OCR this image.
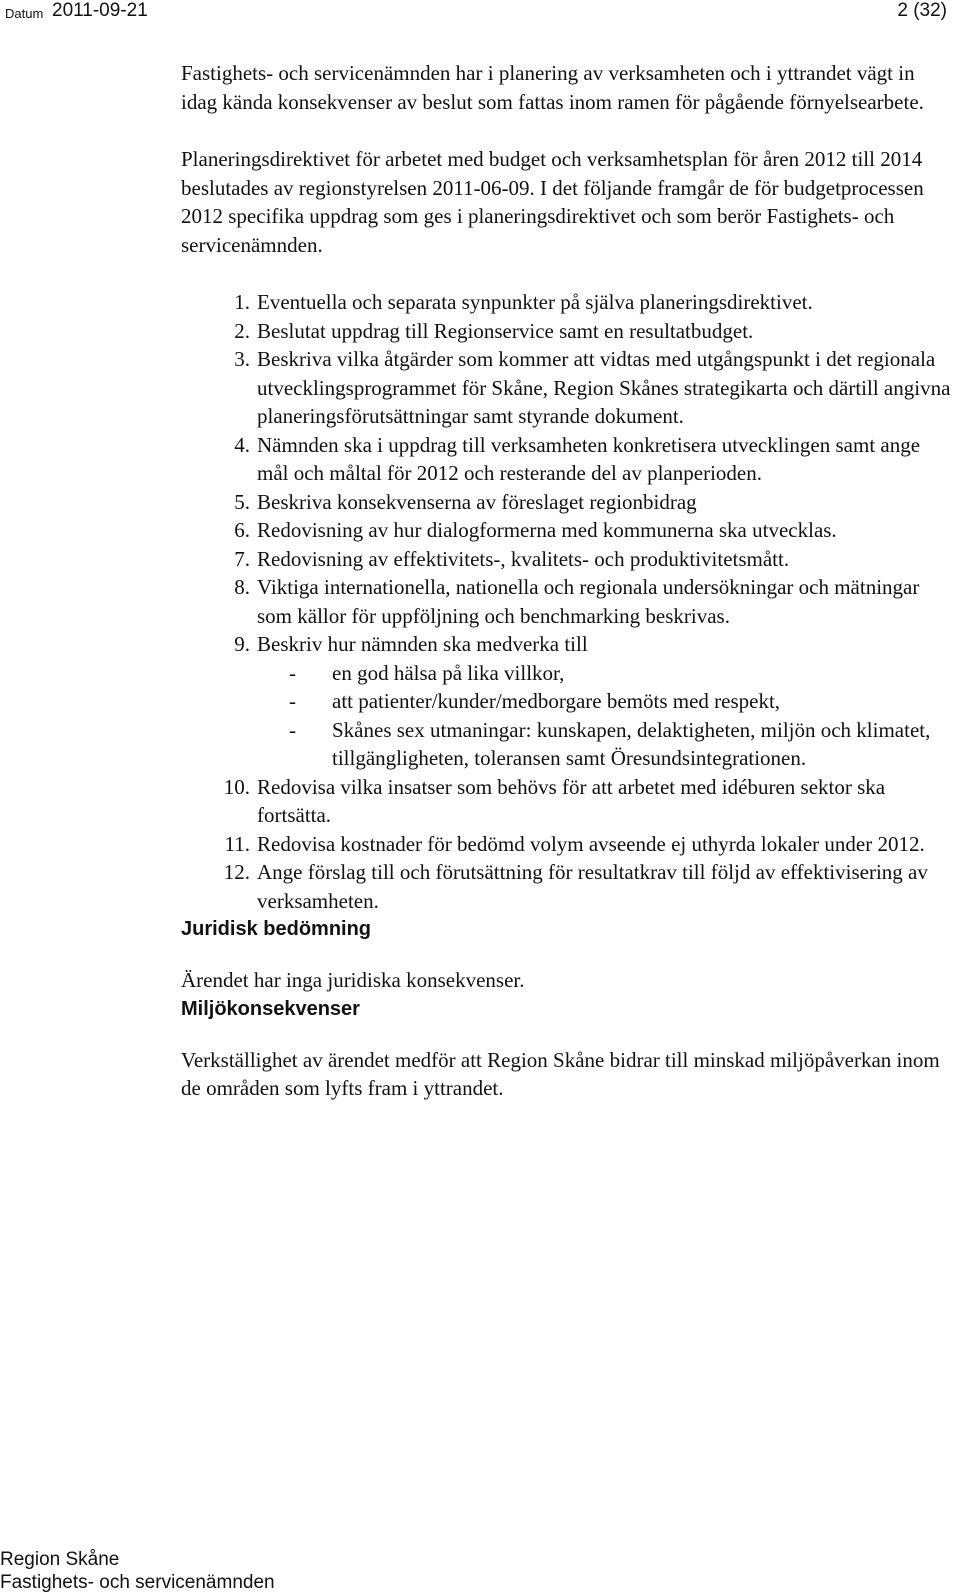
Datum 2011-09-21	2 (32)

Fastighets- och servicenämnden har i planering av verksamheten och i yttrandet vägt in idag kända konsekvenser av beslut som fattas inom ramen för pågående förnyelsearbete.

Planeringsdirektivet för arbetet med budget och verksamhetsplan för åren 2012 till 2014 beslutades av regionstyrelsen 2011-06-09. I det följande framgår de för budgetprocessen 2012 specifika uppdrag som ges i planeringsdirektivet och som berör Fastighets- och servicenämnden.

1. Eventuella och separata synpunkter på själva planeringsdirektivet.
2. Beslutat uppdrag till Regionservice samt en resultatbudget.
3. Beskriva vilka åtgärder som kommer att vidtas med utgångspunkt i det regionala utvecklingsprogrammet för Skåne, Region Skånes strategikarta och därtill angivna planeringsförutsättningar samt styrande dokument.
4. Nämnden ska i uppdrag till verksamheten konkretisera utvecklingen samt ange mål och måltal för 2012 och resterande del av planperioden.
5. Beskriva konsekvenserna av föreslaget regionbidrag
6. Redovisning av hur dialogformerna med kommunerna ska utvecklas.
7. Redovisning av effektivitets-, kvalitets- och produktivitetsmått.
8. Viktiga internationella, nationella och regionala undersökningar och mätningar som källor för uppföljning och benchmarking beskrivas.
9. Beskriv hur nämnden ska medverka till
- en god hälsa på lika villkor,
- att patienter/kunder/medborgare bemöts med respekt,
- Skånes sex utmaningar: kunskapen, delaktigheten, miljön och klimatet, tillgängligheten, toleransen samt Öresundsintegrationen.
10. Redovisa vilka insatser som behövs för att arbetet med idéburen sektor ska fortsätta.
11. Redovisa kostnader för bedömd volym avseende ej uthyrda lokaler under 2012.
12. Ange förslag till och förutsättning för resultatkrav till följd av effektivisering av verksamheten.
Juridisk bedömning

Ärendet har inga juridiska konsekvenser.

Miljökonsekvenser

Verkställighet av ärendet medför att Region Skåne bidrar till minskad miljöpåverkan inom de områden som lyfts fram i yttrandet.

Region Skåne
Fastighets- och servicenämnden
